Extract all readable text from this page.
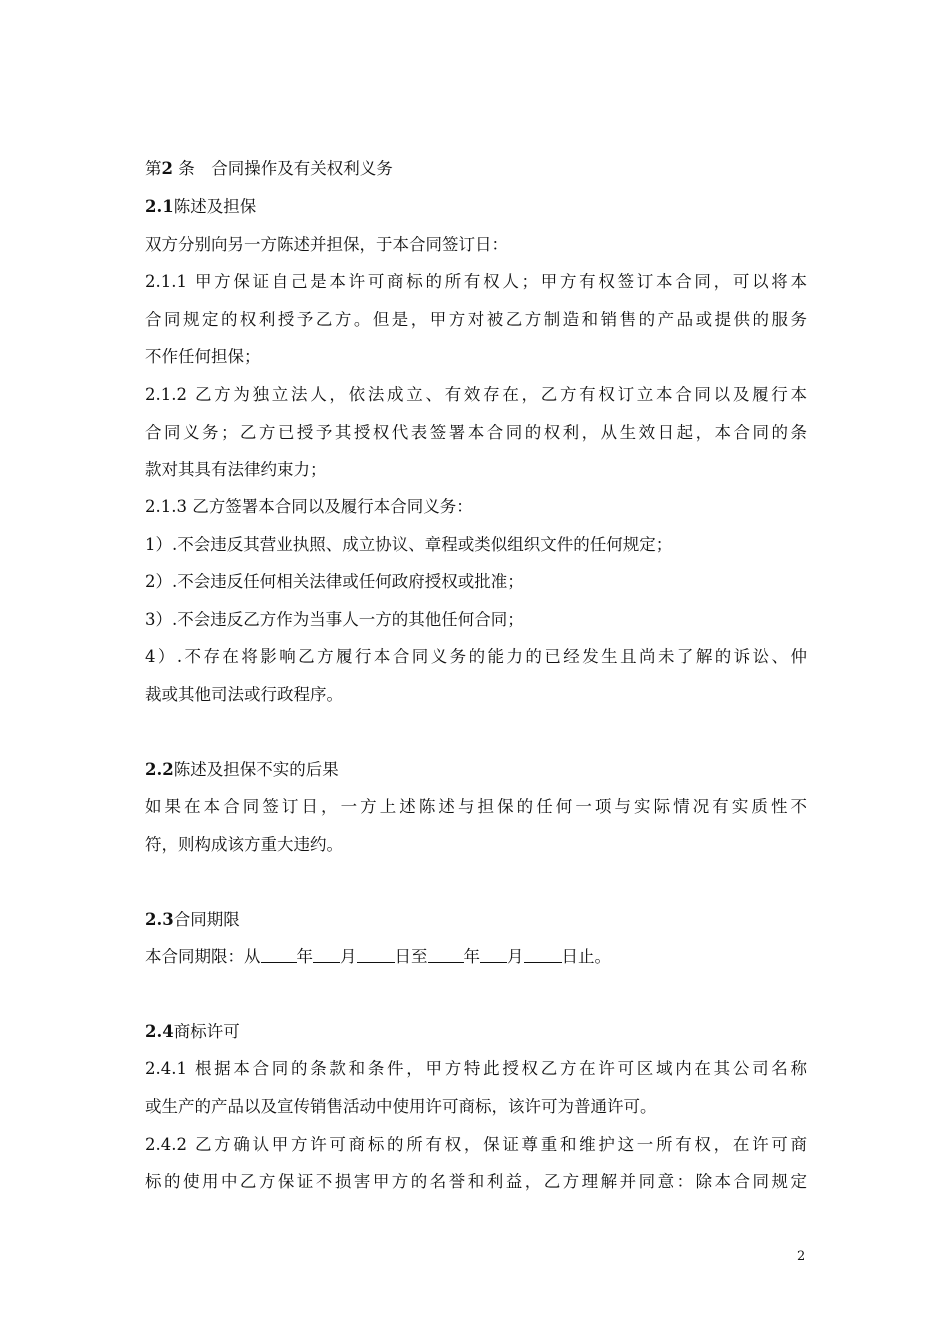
第2 条　合同操作及有关权利义务
2.1陈述及担保
双方分别向另一方陈述并担保，于本合同签订日：
2.1.1 甲方保证自己是本许可商标的所有权人；甲方有权签订本合同，可以将本
合同规定的权利授予乙方。但是，甲方对被乙方制造和销售的产品或提供的服务
不作任何担保；
2.1.2 乙方为独立法人，依法成立、有效存在，乙方有权订立本合同以及履行本
合同义务；乙方已授予其授权代表签署本合同的权利，从生效日起，本合同的条
款对其具有法律约束力；
2.1.3 乙方签署本合同以及履行本合同义务：
1）.不会违反其营业执照、成立协议、章程或类似组织文件的任何规定；
2）.不会违反任何相关法律或任何政府授权或批准；
3）.不会违反乙方作为当事人一方的其他任何合同；
4）.不存在将影响乙方履行本合同义务的能力的已经发生且尚未了解的诉讼、仲
裁或其他司法或行政程序。
2.2陈述及担保不实的后果
如果在本合同签订日，一方上述陈述与担保的任何一项与实际情况有实质性不
符，则构成该方重大违约。
2.3合同期限
本合同期限：从 年 月 日至 年 月 日止。
2.4商标许可
2.4.1 根据本合同的条款和条件，甲方特此授权乙方在许可区域内在其公司名称
或生产的产品以及宣传销售活动中使用许可商标，该许可为普通许可。
2.4.2 乙方确认甲方许可商标的所有权，保证尊重和维护这一所有权，在许可商
标的使用中乙方保证不损害甲方的名誉和利益，乙方理解并同意：除本合同规定
2
